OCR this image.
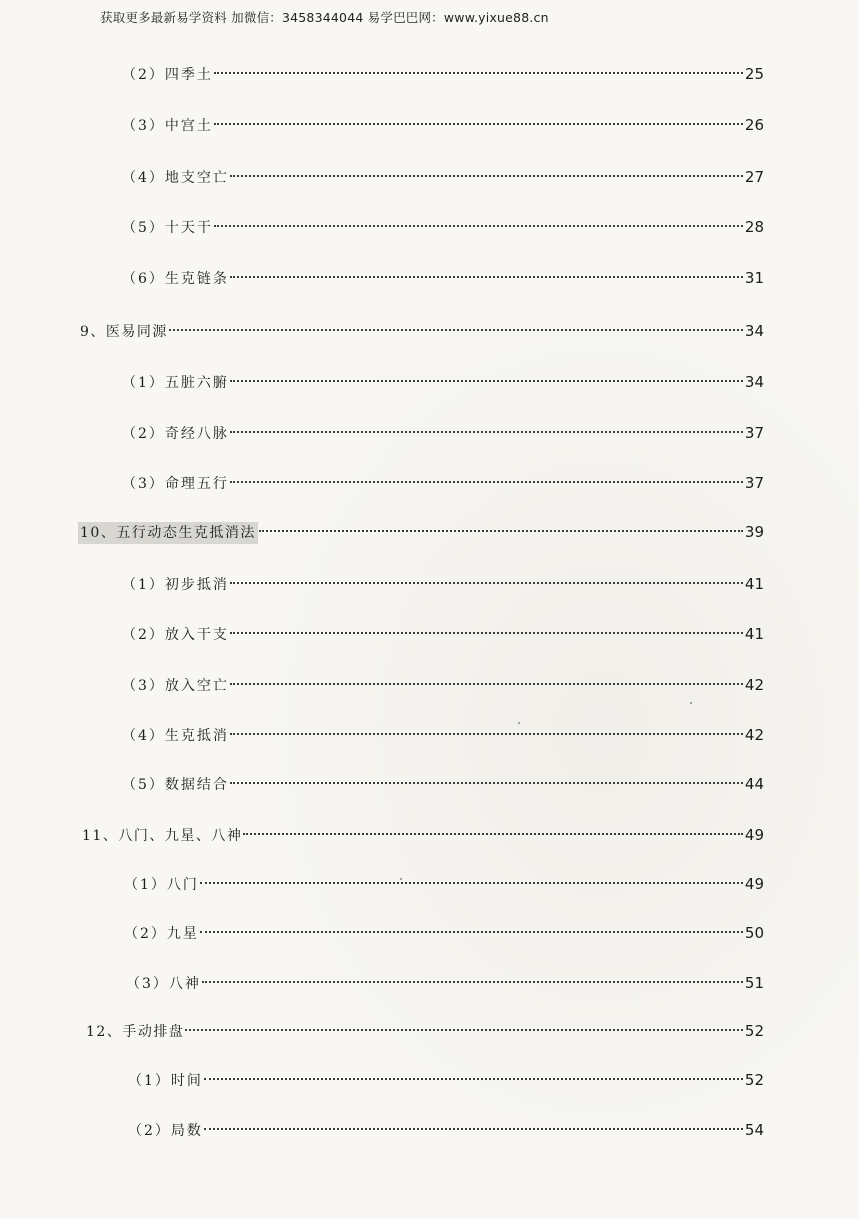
获取更多最新易学资料 加微信：3458344044 易学巴巴网：www.yixue88.cn
（2）四季土	25
（3）中宫土	26
（4）地支空亡	27
（5）十天干	28
（6）生克链条	31
9、医易同源	34
（1）五脏六腑	34
（2）奇经八脉	37
（3）命理五行	37
10、五行动态生克抵消法	39
（1）初步抵消	41
（2）放入干支	41
（3）放入空亡	42
（4）生克抵消	42
（5）数据结合	44
11、八门、九星、八神	49
（1）八门	49
（2）九星	50
（3）八神	51
12、手动排盘	52
（1）时间	52
（2）局数	54
